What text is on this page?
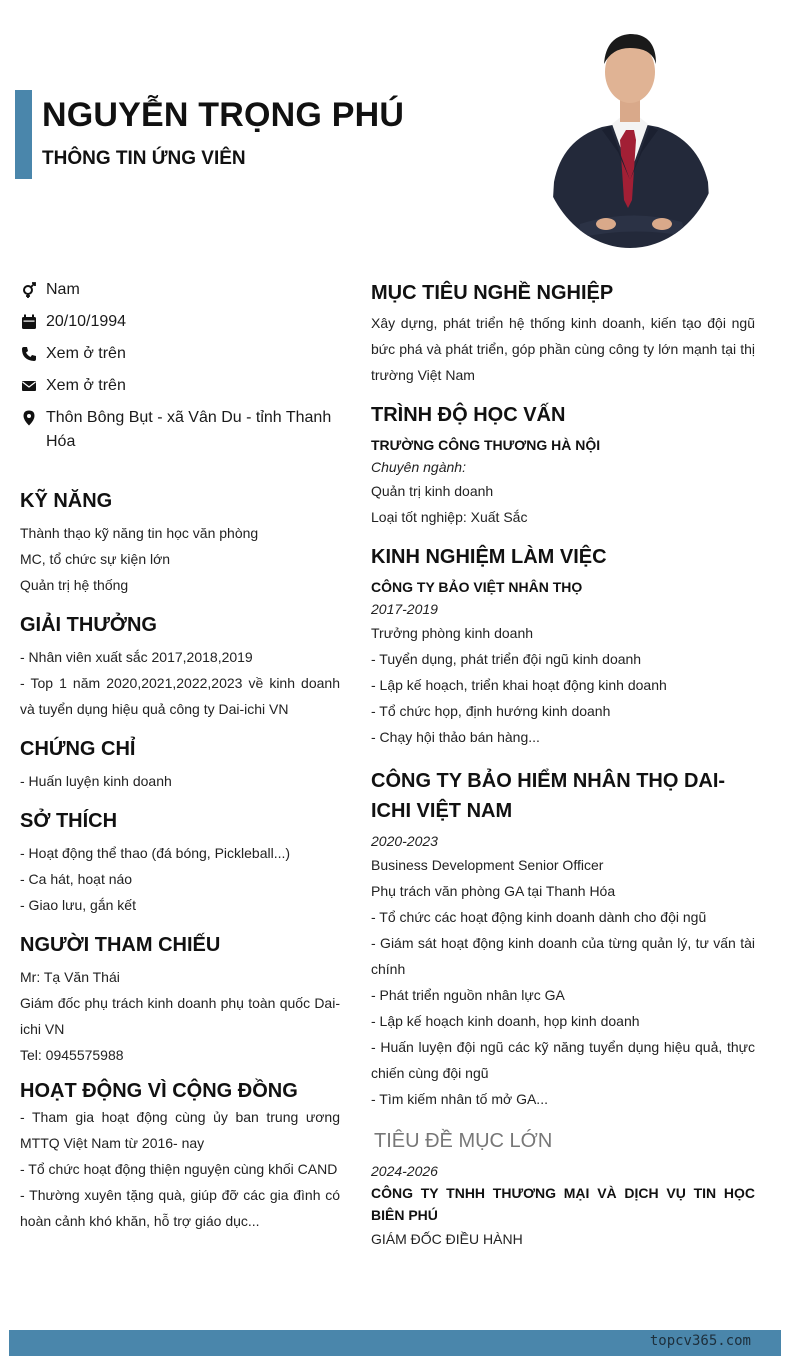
NGUYỄN TRỌNG PHÚ
THÔNG TIN ỨNG VIÊN
Nam
20/10/1994
Xem ở trên
Xem ở trên
Thôn Bông Bụt - xã Vân Du - tỉnh Thanh Hóa
KỸ NĂNG
Thành thạo kỹ năng tin học văn phòng
MC, tổ chức sự kiện lớn
Quản trị hệ thống
GIẢI THƯỞNG
- Nhân viên xuất sắc 2017,2018,2019
- Top 1 năm 2020,2021,2022,2023 về kinh doanh và tuyển dụng hiệu quả công ty Dai-ichi VN
CHỨNG CHỈ
- Huấn luyện kinh doanh
SỞ THÍCH
- Hoạt động thể thao (đá bóng, Pickleball...)
- Ca hát, hoạt náo
- Giao lưu, gắn kết
NGƯỜI THAM CHIẾU
Mr: Tạ Văn Thái
Giám đốc phụ trách kinh doanh phụ toàn quốc Dai-ichi VN
Tel: 0945575988
HOẠT ĐỘNG VÌ CỘNG ĐỒNG
- Tham gia hoạt động cùng ủy ban trung ương MTTQ Việt Nam từ 2016- nay
- Tổ chức hoạt động thiện nguyện cùng khối CAND
- Thường xuyên tặng quà, giúp đỡ các gia đình có hoàn cảnh khó khăn, hỗ trợ giáo dục...
MỤC TIÊU NGHỀ NGHIỆP
Xây dựng, phát triển hệ thống kinh doanh, kiến tạo đội ngũ bức phá và phát triển, góp phần cùng công ty lớn mạnh tại thị trường Việt Nam
TRÌNH ĐỘ HỌC VẤN
TRƯỜNG CÔNG THƯƠNG HÀ NỘI
Chuyên ngành:
Quản trị kinh doanh
Loại tốt nghiệp: Xuất Sắc
KINH NGHIỆM LÀM VIỆC
CÔNG TY BẢO VIỆT NHÂN THỌ
2017-2019
Trưởng phòng kinh doanh
- Tuyển dụng, phát triển đội ngũ kinh doanh
- Lập kế hoạch, triển khai hoạt động kinh doanh
- Tổ chức họp, định hướng kinh doanh
- Chạy hội thảo bán hàng...
CÔNG TY BẢO HIỂM NHÂN THỌ DAI-ICHI VIỆT NAM
2020-2023
Business Development Senior Officer
Phụ trách văn phòng GA tại Thanh Hóa
- Tổ chức các hoạt động kinh doanh dành cho đội ngũ
- Giám sát hoạt động kinh doanh của từng quản lý, tư vấn tài chính
- Phát triển nguồn nhân lực GA
- Lập kế hoạch kinh doanh, họp kinh doanh
- Huấn luyện đội ngũ các kỹ năng tuyển dụng hiệu quả, thực chiến cùng đội ngũ
- Tìm kiếm nhân tố mở GA...
TIÊU ĐỀ MỤC LỚN
2024-2026
CÔNG TY TNHH THƯƠNG MẠI VÀ DỊCH VỤ TIN HỌC BIÊN PHÚ
GIÁM ĐỐC ĐIỀU HÀNH
topcv365.com
